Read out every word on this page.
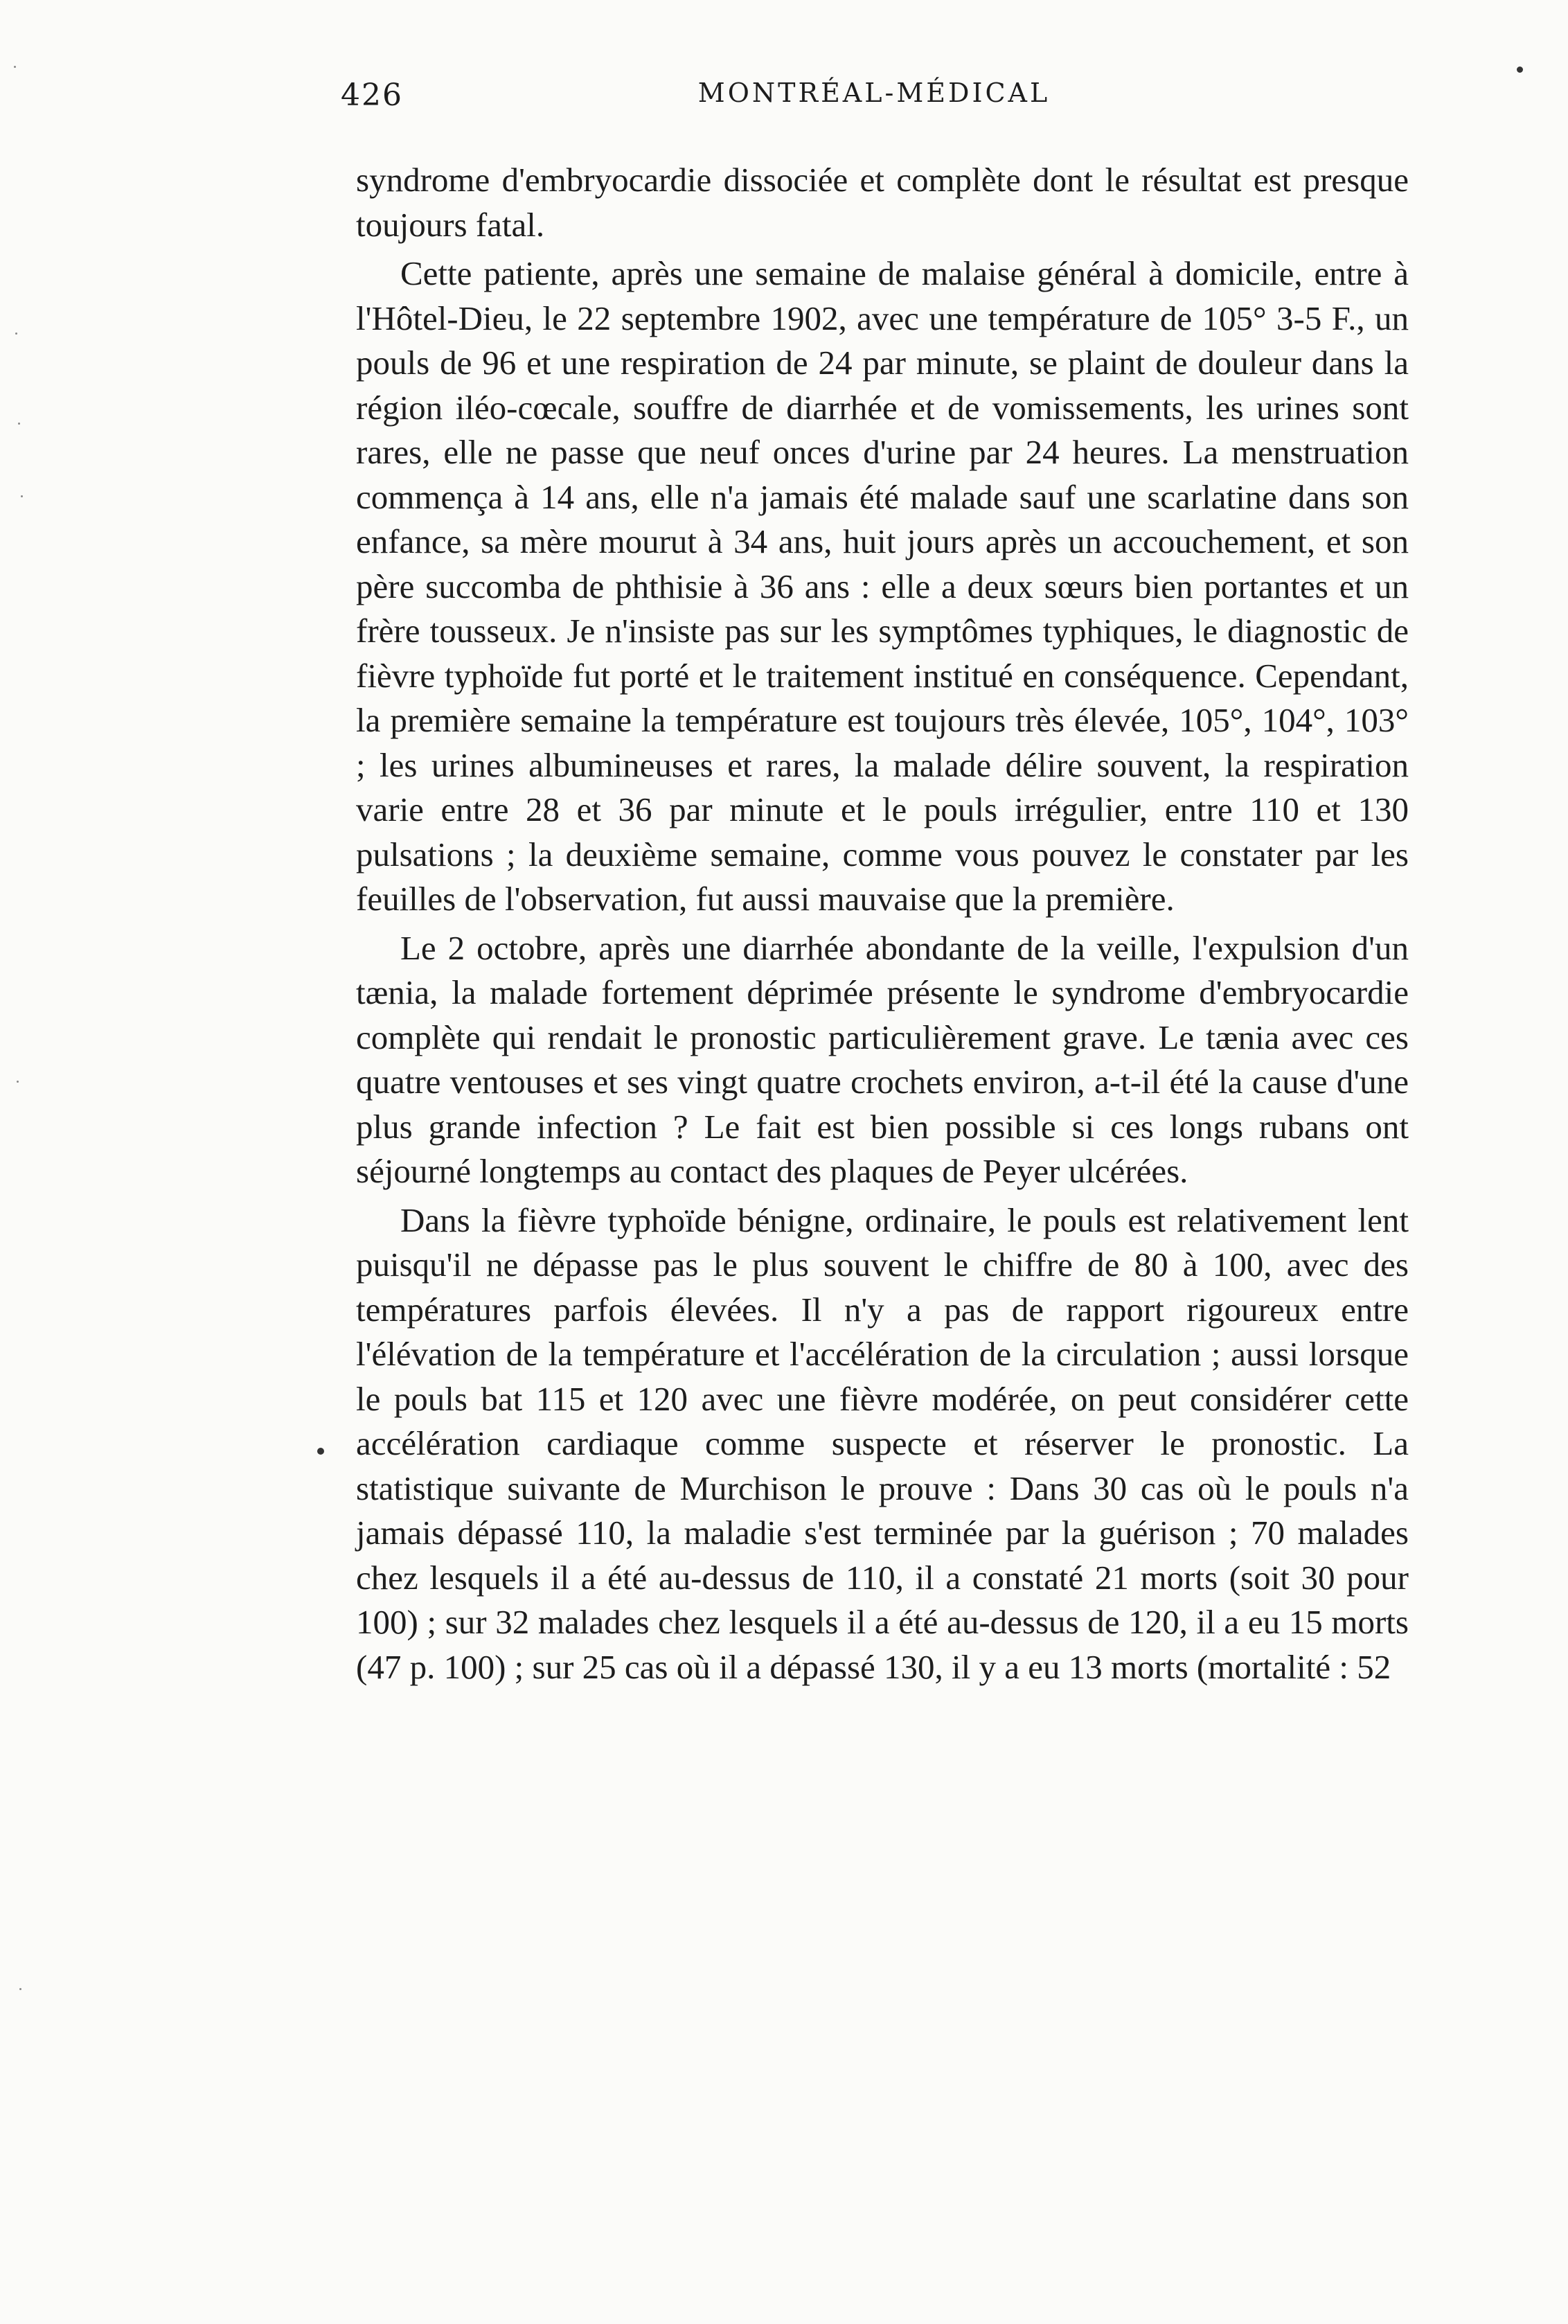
426	MONTRÉAL-MÉDICAL

syndrome d'embryocardie dissociée et complète dont le résultat est presque toujours fatal.

Cette patiente, après une semaine de malaise général à domicile, entre à l'Hôtel-Dieu, le 22 septembre 1902, avec une température de 105° 3-5 F., un pouls de 96 et une respiration de 24 par minute, se plaint de douleur dans la région iléo-cœcale, souffre de diarrhée et de vomissements, les urines sont rares, elle ne passe que neuf onces d'urine par 24 heures. La menstruation commença à 14 ans, elle n'a jamais été malade sauf une scarlatine dans son enfance, sa mère mourut à 34 ans, huit jours après un accouchement, et son père succomba de phthisie à 36 ans : elle a deux sœurs bien portantes et un frère tousseux. Je n'insiste pas sur les symptômes typhiques, le diagnostic de fièvre typhoïde fut porté et le traitement institué en conséquence. Cependant, la première semaine la température est toujours très élevée, 105°, 104°, 103° ; les urines albumineuses et rares, la malade délire souvent, la respiration varie entre 28 et 36 par minute et le pouls irrégulier, entre 110 et 130 pulsations ; la deuxième semaine, comme vous pouvez le constater par les feuilles de l'observation, fut aussi mauvaise que la première.

Le 2 octobre, après une diarrhée abondante de la veille, l'expulsion d'un tænia, la malade fortement déprimée présente le syndrome d'embryocardie complète qui rendait le pronostic particulièrement grave. Le tænia avec ces quatre ventouses et ses vingt quatre crochets environ, a-t-il été la cause d'une plus grande infection ? Le fait est bien possible si ces longs rubans ont séjourné longtemps au contact des plaques de Peyer ulcérées.

Dans la fièvre typhoïde bénigne, ordinaire, le pouls est relativement lent puisqu'il ne dépasse pas le plus souvent le chiffre de 80 à 100, avec des températures parfois élevées. Il n'y a pas de rapport rigoureux entre l'élévation de la température et l'accélération de la circulation ; aussi lorsque le pouls bat 115 et 120 avec une fièvre modérée, on peut considérer cette accélération cardiaque comme suspecte et réserver le pronostic. La statistique suivante de Murchison le prouve : Dans 30 cas où le pouls n'a jamais dépassé 110, la maladie s'est terminée par la guérison ; 70 malades chez lesquels il a été au-dessus de 110, il a constaté 21 morts (soit 30 pour 100) ; sur 32 malades chez lesquels il a été au-dessus de 120, il a eu 15 morts (47 p. 100) ; sur 25 cas où il a dépassé 130, il y a eu 13 morts (mortalité : 52
